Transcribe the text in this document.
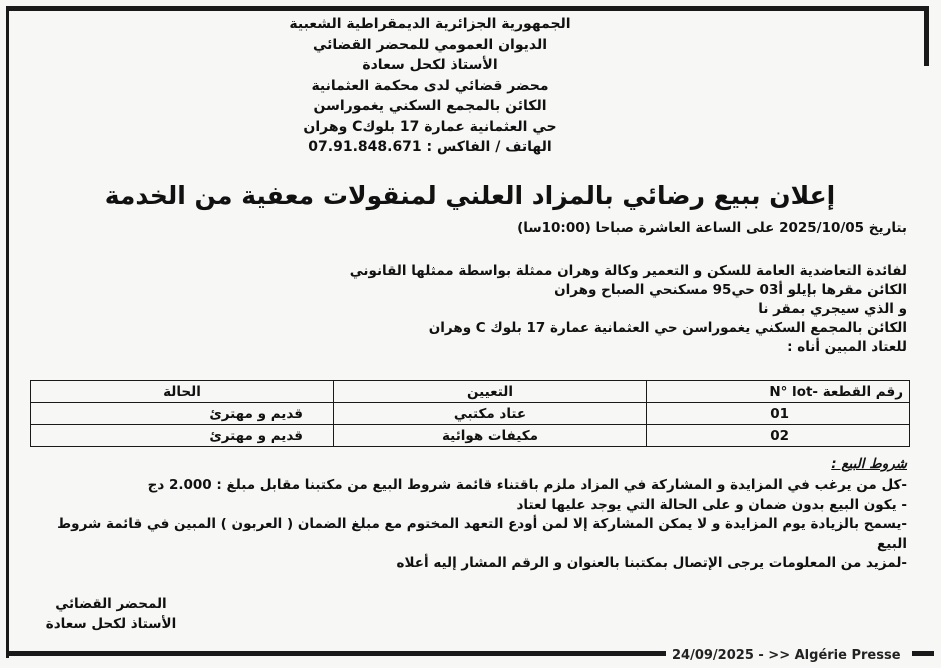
الجمهورية الجزائرية الديمقراطية الشعبية
الديوان العمومي للمحضر القضائي
الأستاذ لكحل سعادة
محضر قضائي لدى محكمة العثمانية
الكائن بالمجمع السكني يغموراسن
حي العثمانية عمارة 17 بلوكC وهران
الهاتف / الفاكس : 07.91.848.671
إعلان ببيع رضائي بالمزاد العلني لمنقولات معفية من الخدمة
بتاريخ 2025/10/05 على الساعة العاشرة صباحا (10:00سا)
لفائدة التعاضدية العامة للسكن و التعمير وكالة وهران ممثلة بواسطة ممثلها القانوني
الكائن مقرها بإيلو أ03 حي95 مسكنحي الصباح وهران
و الذي سيجري بمقر نا
الكائن بالمجمع السكني يغموراسن حي العثمانية عمارة 17 بلوك C وهران
للعتاد المبين أناه :
رقم القطعة -N° lot	التعيين	الحالة
01	عتاد مكتبي	قديم و مهترئ
02	مكيفات هوائية	قديم و مهترئ
شروط البيع :
-كل من يرغب في المزايدة و المشاركة في المزاد ملزم باقتناء قائمة شروط البيع من مكتبنا مقابل مبلغ : 2.000 دج
- يكون البيع بدون ضمان و على الحالة التي يوجد عليها لعتاد
-يسمح بالزيادة يوم المزايدة و لا يمكن المشاركة إلا لمن أودع التعهد المختوم مع مبلغ الضمان ( العربون ) المبين في قائمة شروط
البيع
-لمزيد من المعلومات يرجى الإتصال بمكتبنا بالعنوان و الرقم المشار إليه أعلاه
المحضر القضائي
الأستاذ لكحل سعادة
24/09/2025 - >> Algérie Presse
